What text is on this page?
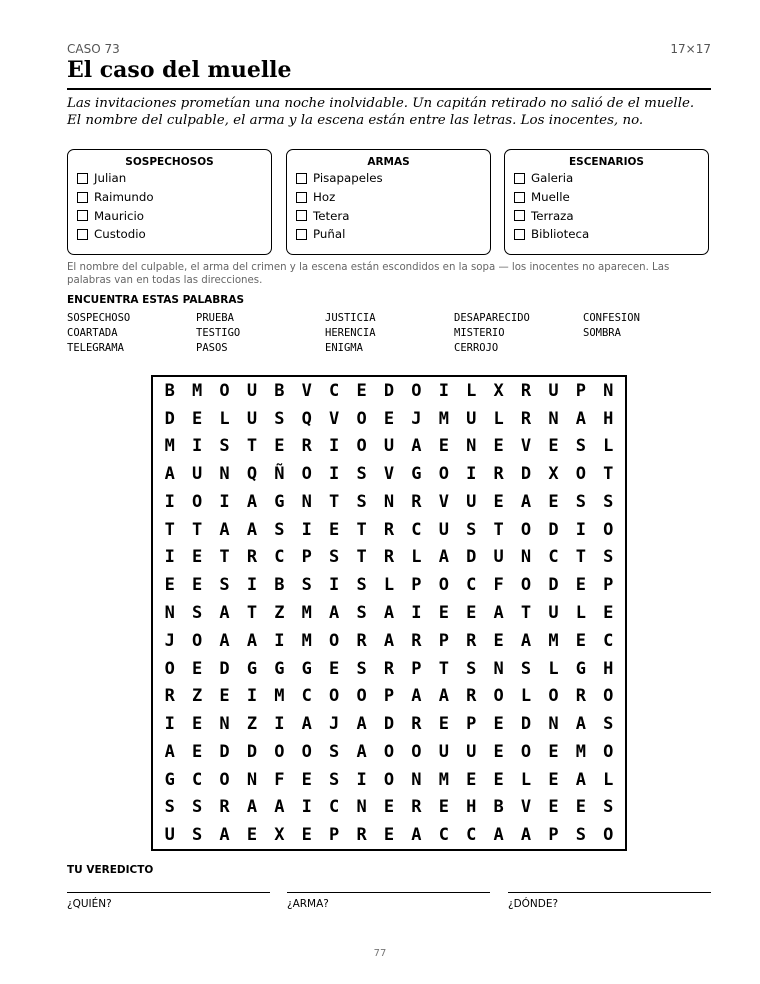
CASO 73	17×17
El caso del muelle
Las invitaciones prometían una noche inolvidable. Un capitán retirado no salió de el muelle. El nombre del culpable, el arma y la escena están entre las letras. Los inocentes, no.
SOSPECHOSOS
Julian
Raimundo
Mauricio
Custodio
ARMAS
Pisapapeles
Hoz
Tetera
Puñal
ESCENARIOS
Galeria
Muelle
Terraza
Biblioteca
El nombre del culpable, el arma del crimen y la escena están escondidos en la sopa — los inocentes no aparecen. Las palabras van en todas las direcciones.
ENCUENTRA ESTAS PALABRAS
SOSPECHOSO	PRUEBA	JUSTICIA	DESAPARECIDO	CONFESION
COARTADA	TESTIGO	HERENCIA	MISTERIO	SOMBRA
TELEGRAMA	PASOS	ENIGMA	CERROJO
B	M	O	U	B	V	C	E	D	O	I	L	X	R	U	P	N
D	E	L	U	S	Q	V	O	E	J	M	U	L	R	N	A	H
M	I	S	T	E	R	I	O	U	A	E	N	E	V	E	S	L
A	U	N	Q	Ñ	O	I	S	V	G	O	I	R	D	X	O	T
I	O	I	A	G	N	T	S	N	R	V	U	E	A	E	S	S
T	T	A	A	S	I	E	T	R	C	U	S	T	O	D	I	O
I	E	T	R	C	P	S	T	R	L	A	D	U	N	C	T	S
E	E	S	I	B	S	I	S	L	P	O	C	F	O	D	E	P
N	S	A	T	Z	M	A	S	A	I	E	E	A	T	U	L	E
J	O	A	A	I	M	O	R	A	R	P	R	E	A	M	E	C
O	E	D	G	G	G	E	S	R	P	T	S	N	S	L	G	H
R	Z	E	I	M	C	O	O	P	A	A	R	O	L	O	R	O
I	E	N	Z	I	A	J	A	D	R	E	P	E	D	N	A	S
A	E	D	D	O	O	S	A	O	O	U	U	E	O	E	M	O
G	C	O	N	F	E	S	I	O	N	M	E	E	L	E	A	L
S	S	R	A	A	I	C	N	E	R	E	H	B	V	E	E	S
U	S	A	E	X	E	P	R	E	A	C	C	A	A	P	S	O
TU VEREDICTO
¿QUIÉN?	¿ARMA?	¿DÓNDE?
77
